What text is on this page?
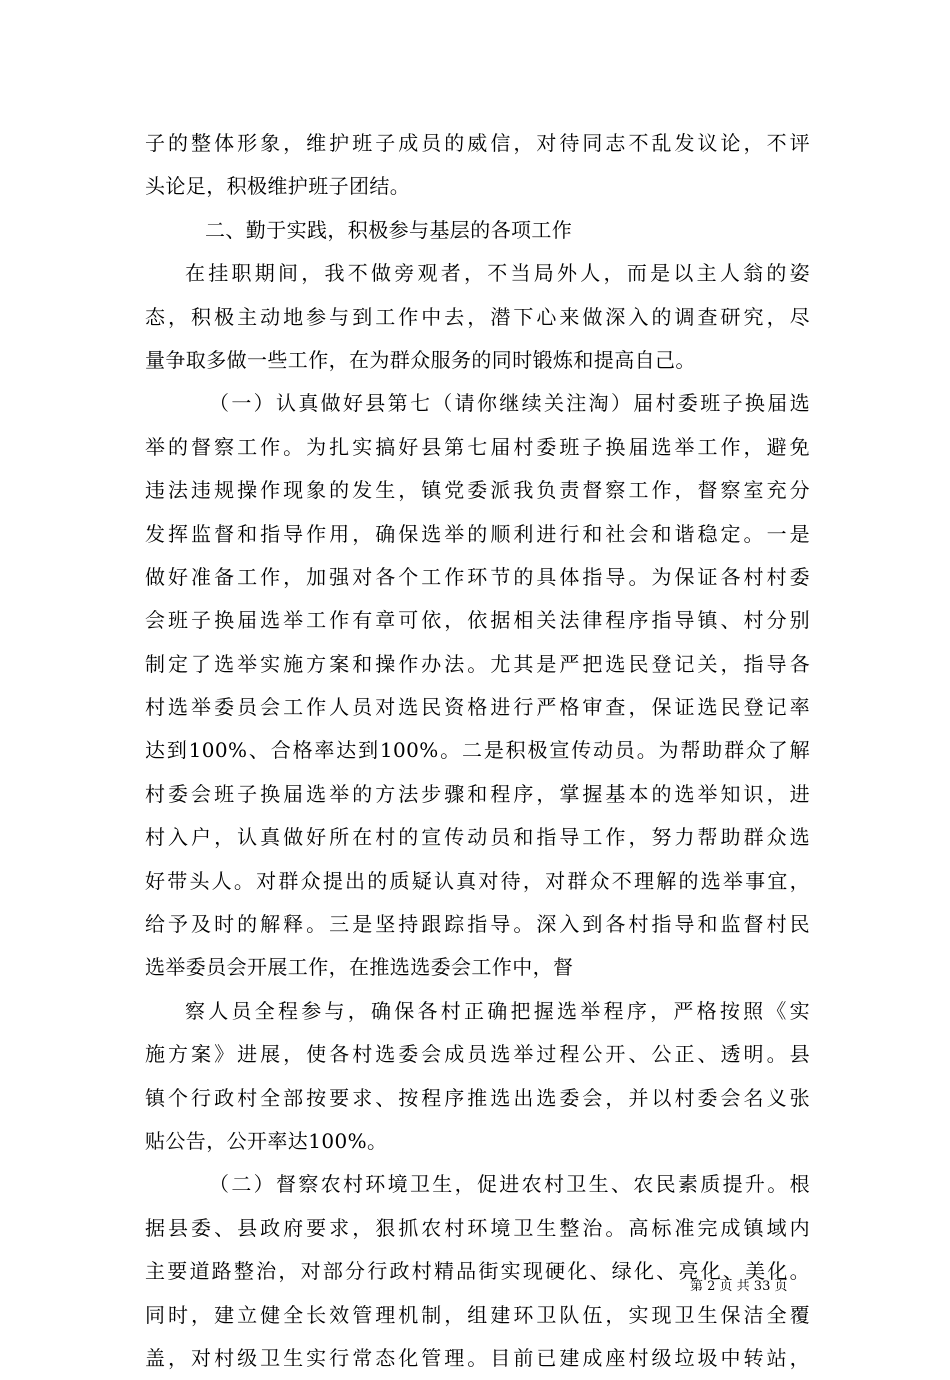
子的整体形象，维护班子成员的威信，对待同志不乱发议论，不评
头论足，积极维护班子团结。
二、勤于实践，积极参与基层的各项工作
在挂职期间，我不做旁观者，不当局外人，而是以主人翁的姿
态，积极主动地参与到工作中去，潜下心来做深入的调查研究，尽
量争取多做一些工作，在为群众服务的同时锻炼和提高自己。
（一）认真做好县第七（请你继续关注淘）届村委班子换届选
举的督察工作。为扎实搞好县第七届村委班子换届选举工作，避免
违法违规操作现象的发生，镇党委派我负责督察工作，督察室充分
发挥监督和指导作用，确保选举的顺利进行和社会和谐稳定。一是
做好准备工作，加强对各个工作环节的具体指导。为保证各村村委
会班子换届选举工作有章可依，依据相关法律程序指导镇、村分别
制定了选举实施方案和操作办法。尤其是严把选民登记关，指导各
村选举委员会工作人员对选民资格进行严格审查，保证选民登记率
达到100%、合格率达到100%。二是积极宣传动员。为帮助群众了解
村委会班子换届选举的方法步骤和程序，掌握基本的选举知识，进
村入户，认真做好所在村的宣传动员和指导工作，努力帮助群众选
好带头人。对群众提出的质疑认真对待，对群众不理解的选举事宜，
给予及时的解释。三是坚持跟踪指导。深入到各村指导和监督村民
选举委员会开展工作，在推选选委会工作中，督
察人员全程参与，确保各村正确把握选举程序，严格按照《实
施方案》进展，使各村选委会成员选举过程公开、公正、透明。县
镇个行政村全部按要求、按程序推选出选委会，并以村委会名义张
贴公告，公开率达100%。
（二）督察农村环境卫生，促进农村卫生、农民素质提升。根
据县委、县政府要求，狠抓农村环境卫生整治。高标准完成镇域内
主要道路整治，对部分行政村精品街实现硬化、绿化、亮化、美化。
同时，建立健全长效管理机制，组建环卫队伍，实现卫生保洁全覆
盖，对村级卫生实行常态化管理。目前已建成座村级垃圾中转站，
第 2 页 共 33 页
